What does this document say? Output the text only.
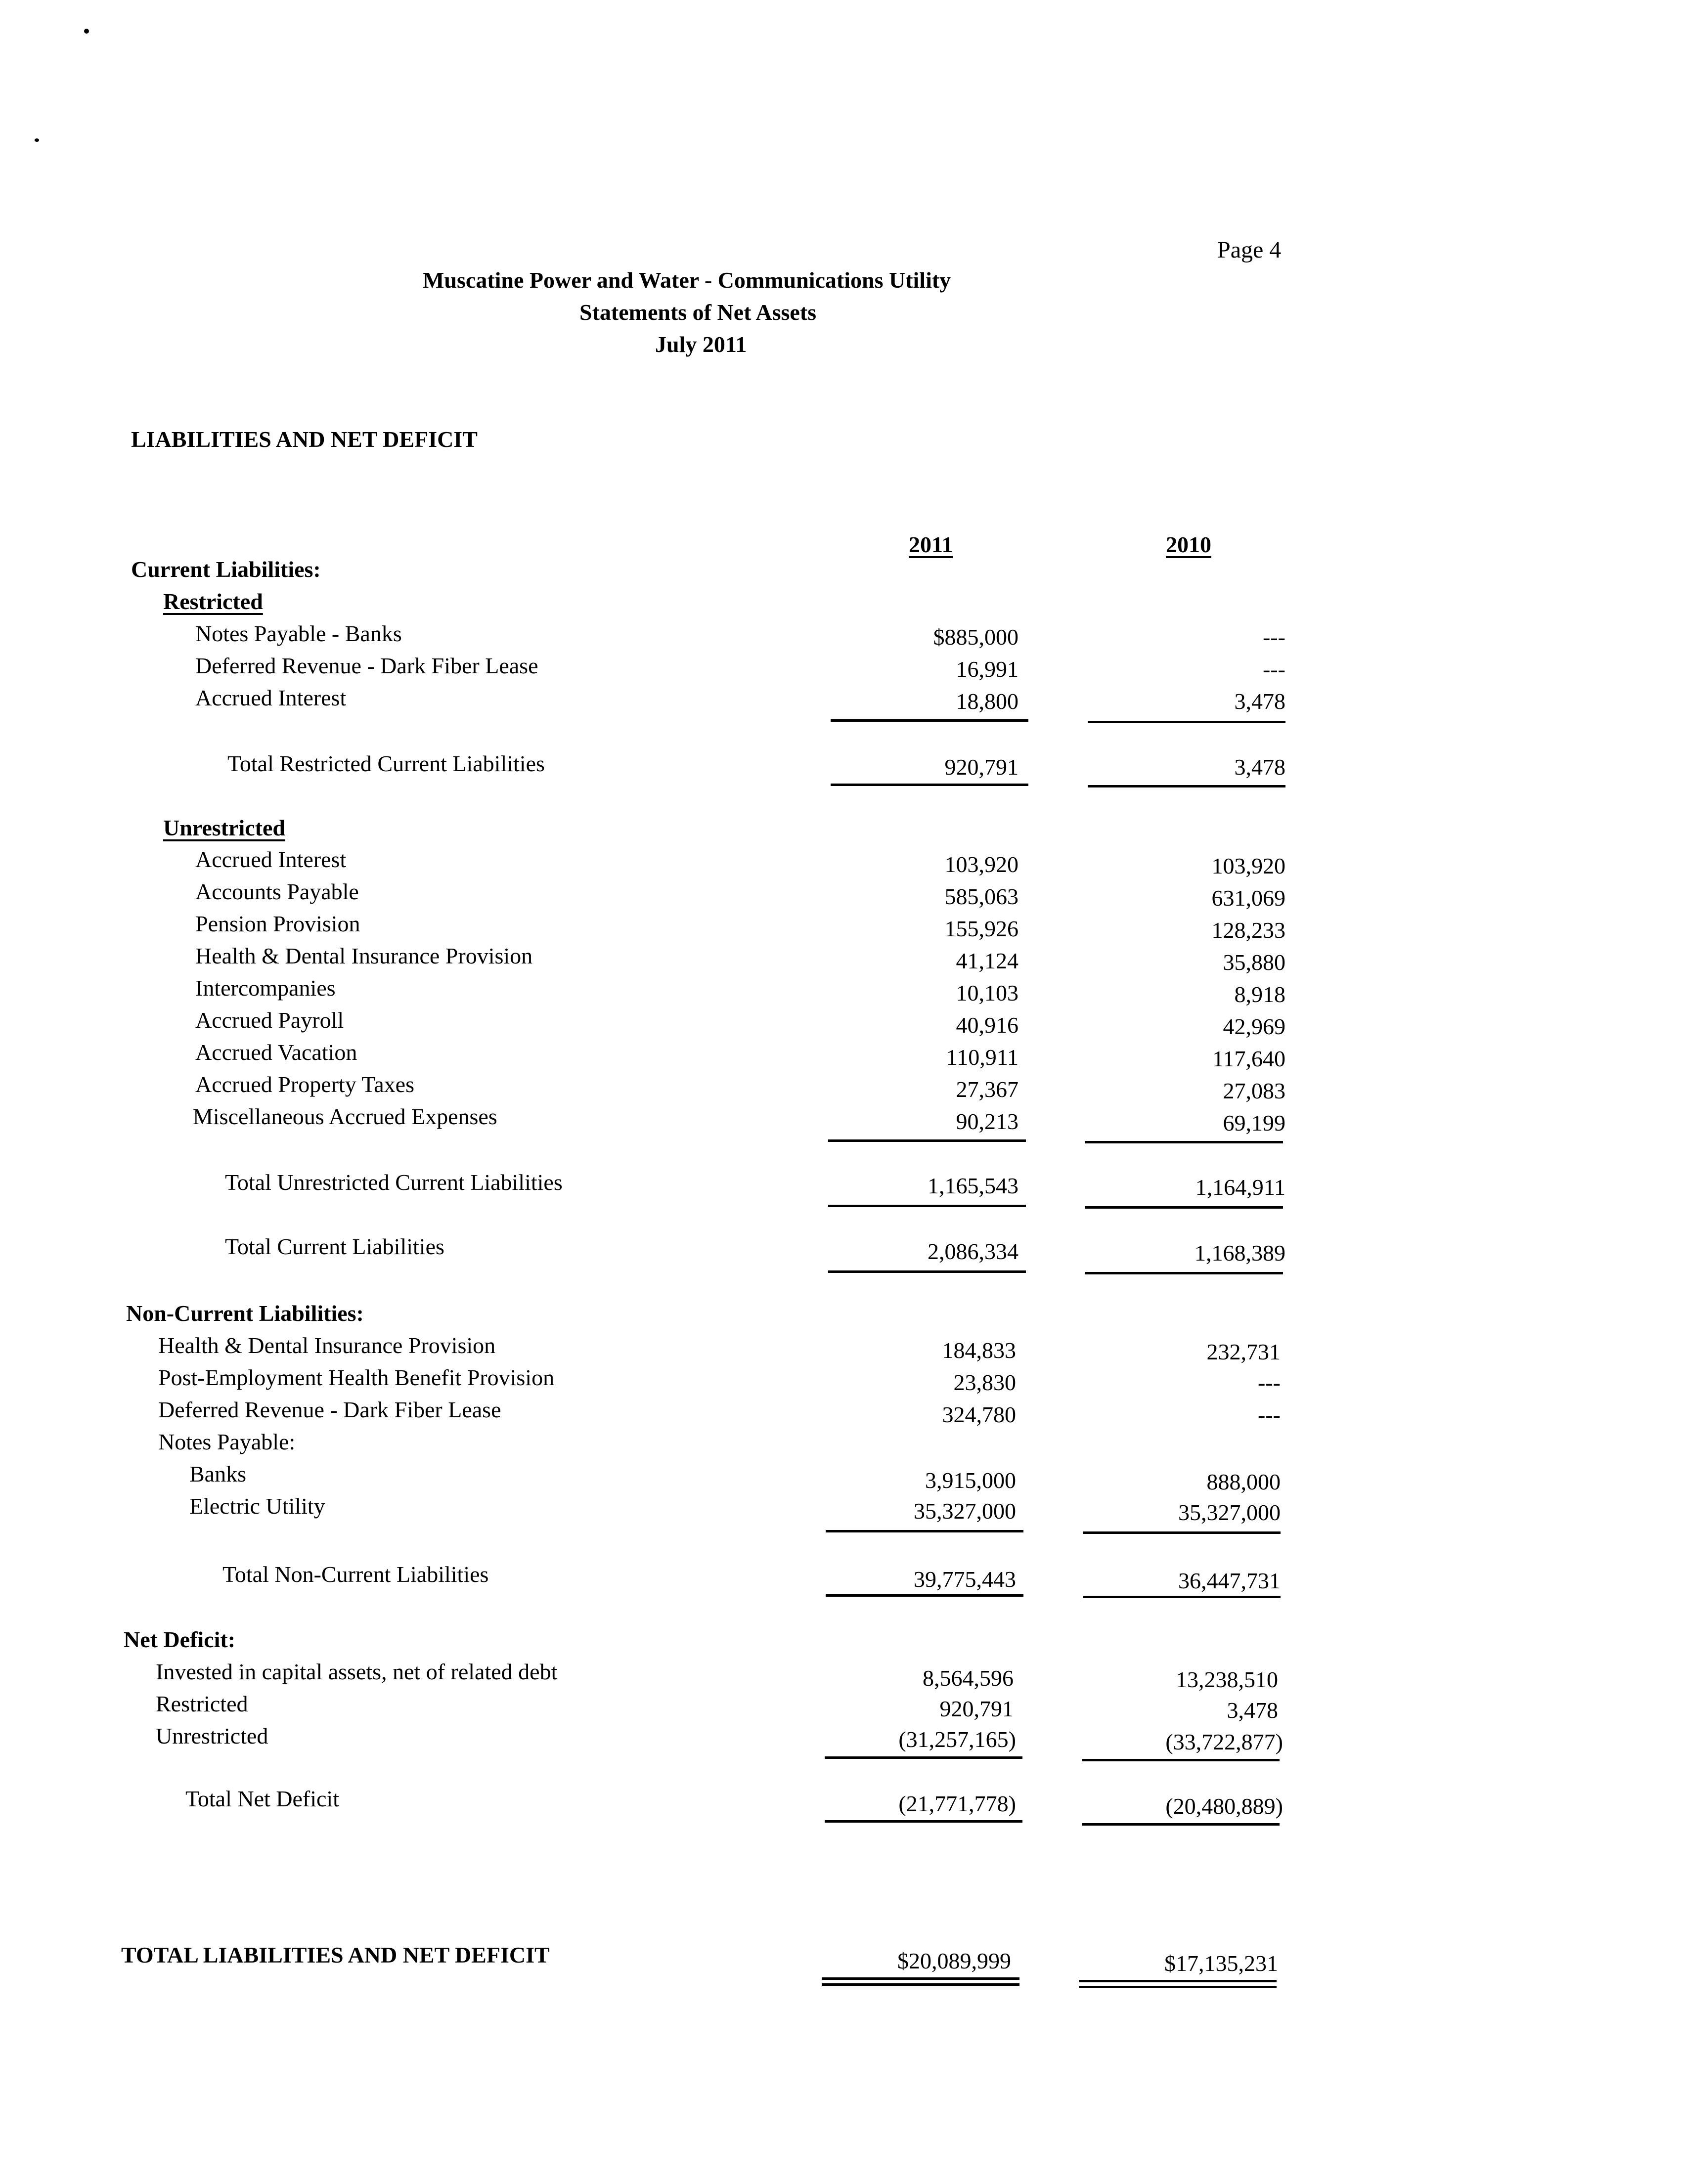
Page 4
Muscatine Power and Water - Communications Utility
Statements of Net Assets
July 2011
LIABILITIES AND NET DEFICIT
2011	2010
Current Liabilities:
Restricted
Notes Payable - Banks	$885,000	---
Deferred Revenue - Dark Fiber Lease	16,991	---
Accrued Interest	18,800	3,478
Total Restricted Current Liabilities	920,791	3,478
Unrestricted
Accrued Interest	103,920	103,920
Accounts Payable	585,063	631,069
Pension Provision	155,926	128,233
Health & Dental Insurance Provision	41,124	35,880
Intercompanies	10,103	8,918
Accrued Payroll	40,916	42,969
Accrued Vacation	110,911	117,640
Accrued Property Taxes	27,367	27,083
Miscellaneous Accrued Expenses	90,213	69,199
Total Unrestricted Current Liabilities	1,165,543	1,164,911
Total Current Liabilities	2,086,334	1,168,389
Non-Current Liabilities:
Health & Dental Insurance Provision	184,833	232,731
Post-Employment Health Benefit Provision	23,830	---
Deferred Revenue - Dark Fiber Lease	324,780	---
Notes Payable:
Banks	3,915,000	888,000
Electric Utility	35,327,000	35,327,000
Total Non-Current Liabilities	39,775,443	36,447,731
Net Deficit:
Invested in capital assets, net of related debt	8,564,596	13,238,510
Restricted	920,791	3,478
Unrestricted	(31,257,165)	(33,722,877)
Total Net Deficit	(21,771,778)	(20,480,889)
TOTAL LIABILITIES AND NET DEFICIT	$20,089,999	$17,135,231
